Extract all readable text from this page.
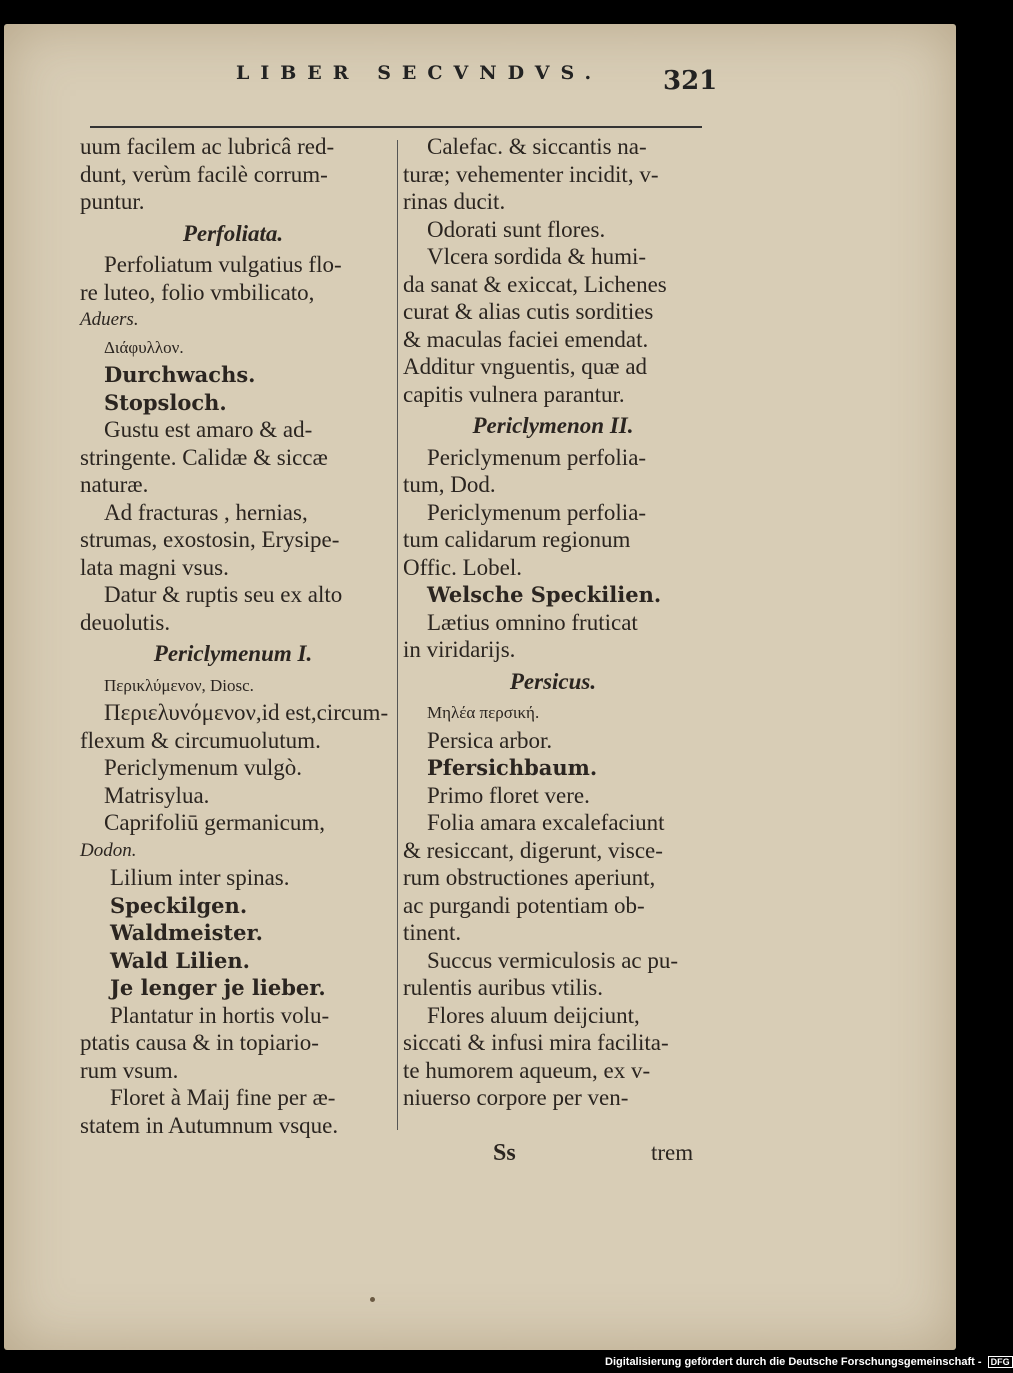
LIBER SECVNDVS. 321
uum facilem ac lubricâ red-
dunt, verùm facilè corrum-
puntur.
Perfoliata.
Perfoliatum vulgatius flo-
re luteo, folio vmbilicato,
Aduers.
Διάφυλλον.
Durchwachs.
Stopsloch.
Gustu est amaro & ad-
stringente. Calidæ & siccæ
naturæ.
Ad fracturas , hernias,
strumas, exostosin, Erysipe-
lata magni vsus.
Datur & ruptis seu ex alto
deuolutis.
Periclymenum I.
Περικλύμενον, Diosc.
Περιελυνόμενον,id est,circum-
flexum & circumuolutum.
Periclymenum vulgò.
Matrisylua.
Caprifoliū germanicum,
Dodon.
Lilium inter spinas.
Speckilgen.
Waldmeister.
Wald Lilien.
Je lenger je lieber.
Plantatur in hortis volu-
ptatis causa & in topiario-
rum vsum.
Floret à Maij fine per æ-
statem in Autumnum vsque.
Calefac. & siccantis na-
turæ; vehementer incidit, v-
rinas ducit.
Odorati sunt flores.
Vlcera sordida & humi-
da sanat & exiccat, Lichenes
curat & alias cutis sordities
& maculas faciei emendat.
Additur vnguentis, quæ ad
capitis vulnera parantur.
Periclymenon II.
Periclymenum perfolia-
tum, Dod.
Periclymenum perfolia-
tum calidarum regionum
Offic. Lobel.
Welsche Speckilien.
Lætius omnino fruticat
in viridarijs.
Persicus.
Μηλέα περσική.
Persica arbor.
Pfersichbaum.
Primo floret vere.
Folia amara excalefaciunt
& resiccant, digerunt, visce-
rum obstructiones aperiunt,
ac purgandi potentiam ob-
tinent.
Succus vermiculosis ac pu-
rulentis auribus vtilis.
Flores aluum deijciunt,
siccati & infusi mira facilita-
te humorem aqueum, ex v-
niuerso corpore per ven-
Ss	trem
Digitalisierung gefördert durch die Deutsche Forschungsgemeinschaft - DFG
